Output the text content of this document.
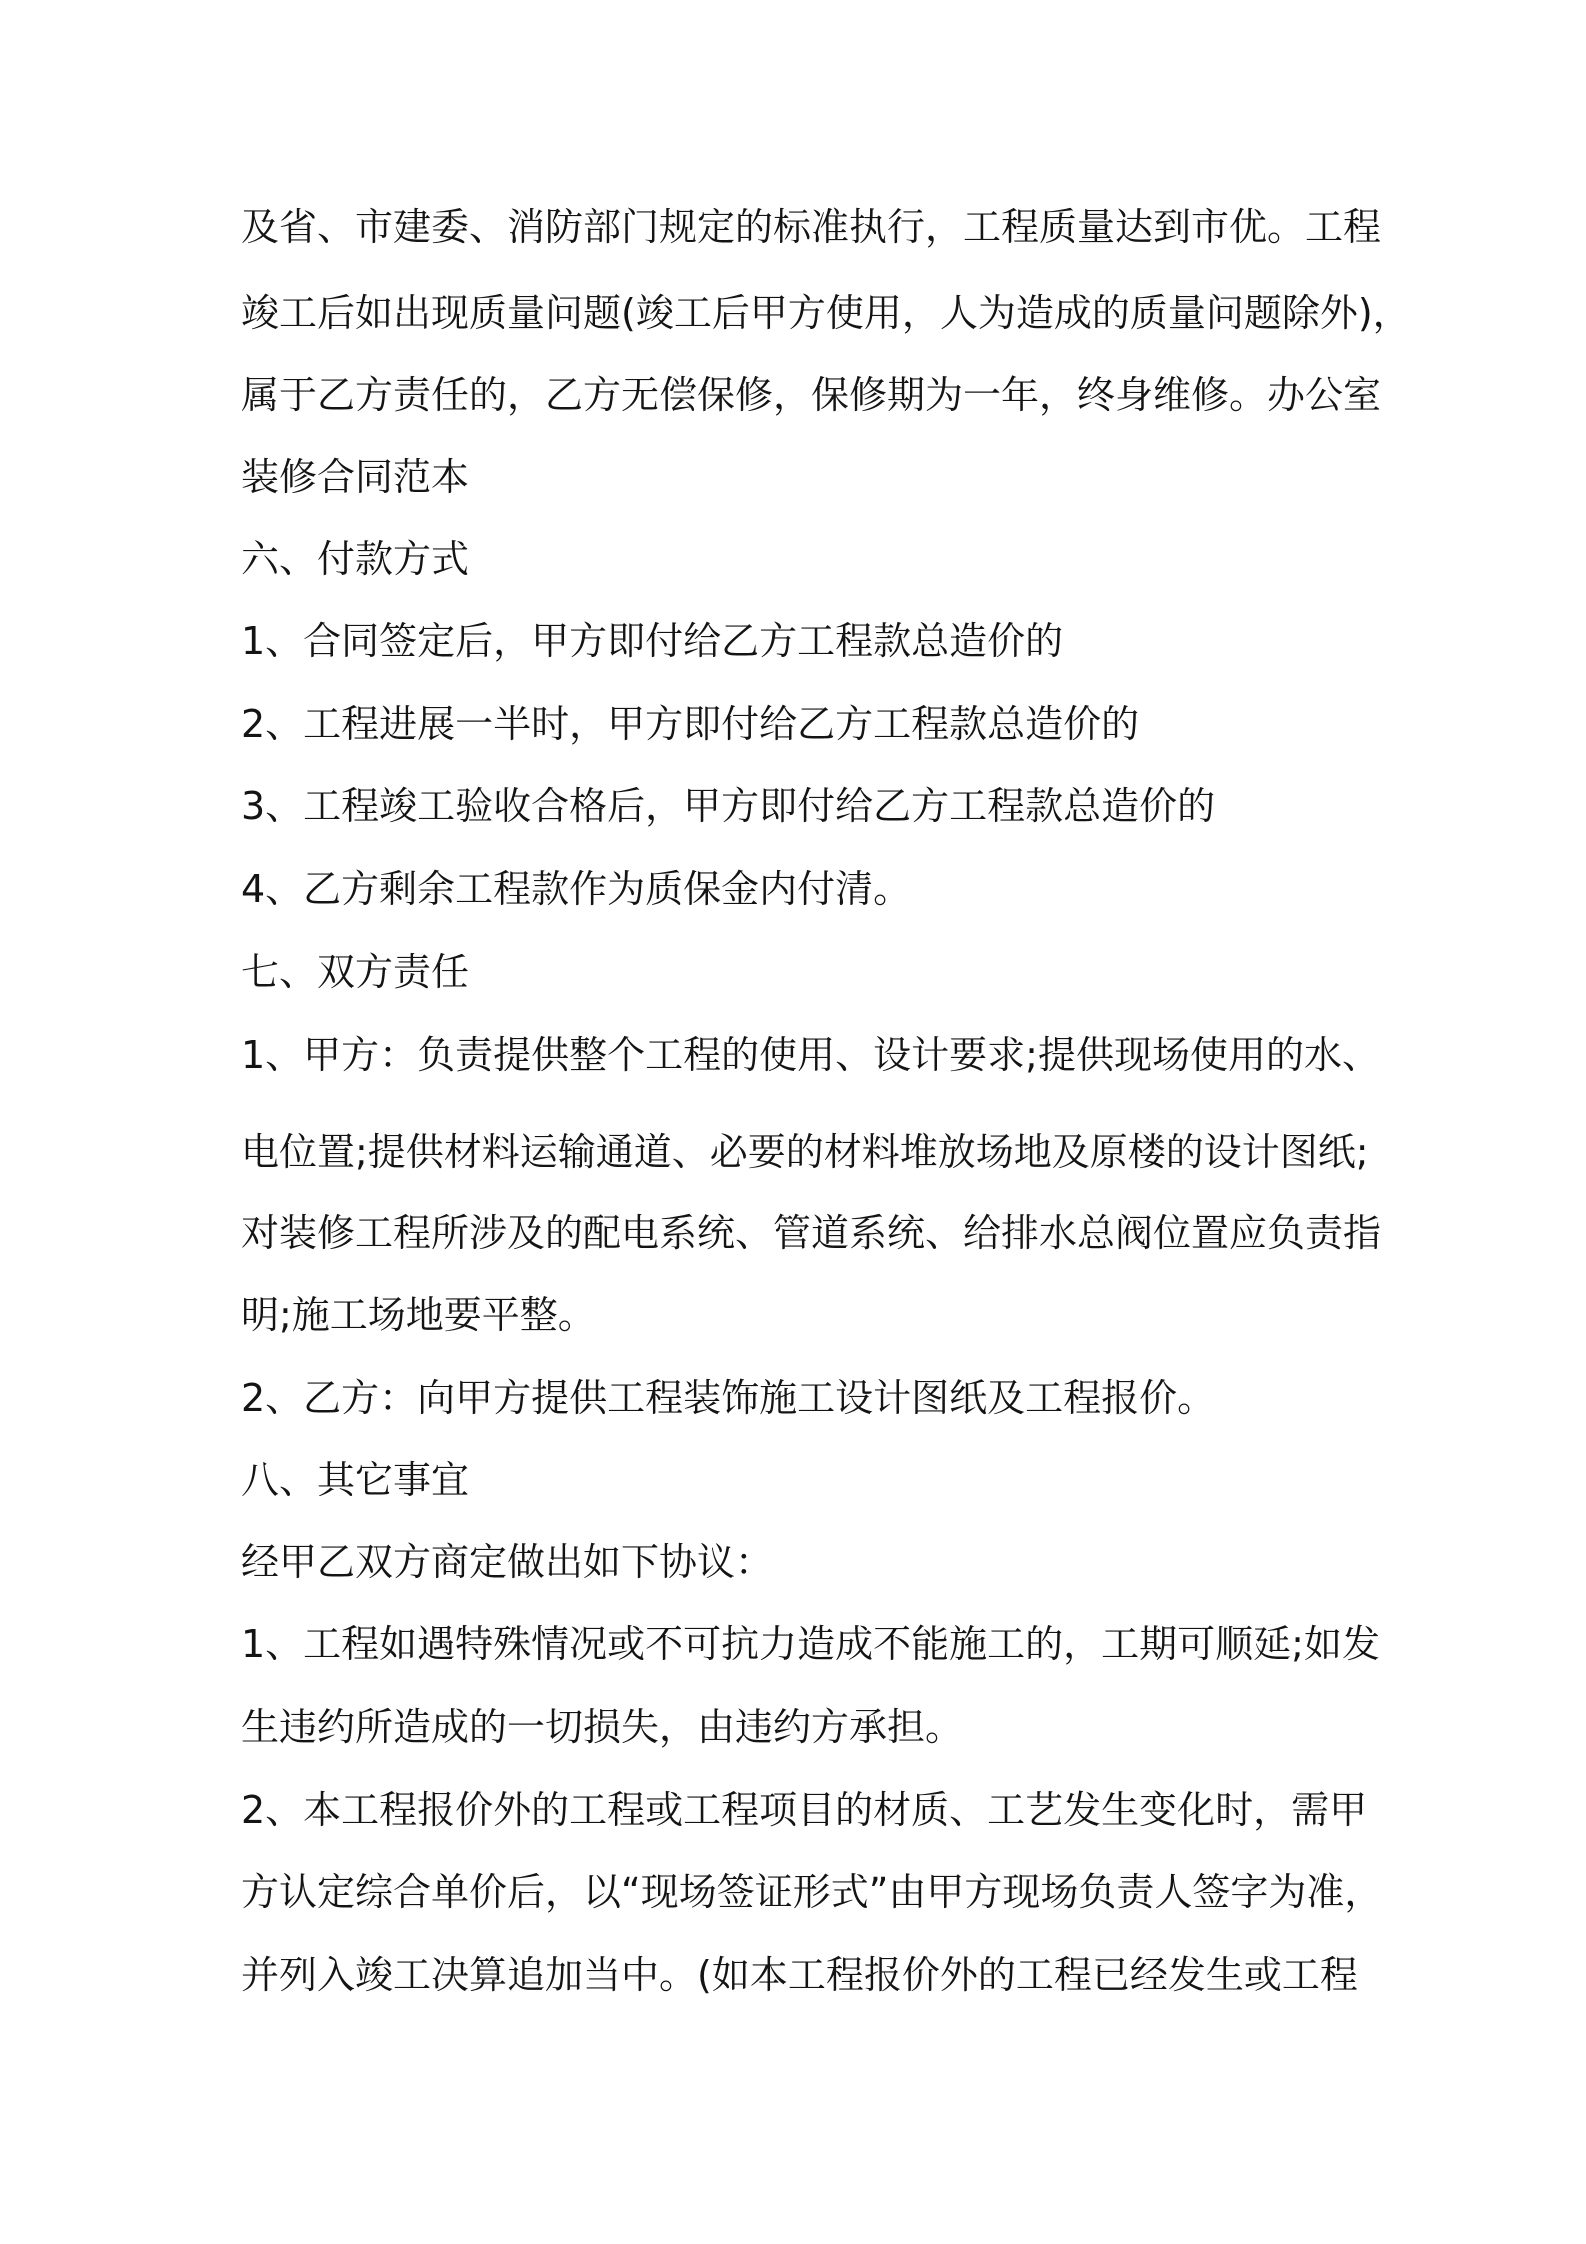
及省、市建委、消防部门规定的标准执行，工程质量达到市优。工程
竣工后如出现质量问题(竣工后甲方使用，人为造成的质量问题除外)，
属于乙方责任的，乙方无偿保修，保修期为一年，终身维修。办公室
装修合同范本
六、付款方式
1、合同签定后，甲方即付给乙方工程款总造价的
2、工程进展一半时，甲方即付给乙方工程款总造价的
3、工程竣工验收合格后，甲方即付给乙方工程款总造价的
4、乙方剩余工程款作为质保金内付清。
七、双方责任
1、甲方：负责提供整个工程的使用、设计要求;提供现场使用的水、
电位置;提供材料运输通道、必要的材料堆放场地及原楼的设计图纸;
对装修工程所涉及的配电系统、管道系统、给排水总阀位置应负责指
明;施工场地要平整。
2、乙方：向甲方提供工程装饰施工设计图纸及工程报价。
八、其它事宜
经甲乙双方商定做出如下协议：
1、工程如遇特殊情况或不可抗力造成不能施工的，工期可顺延;如发
生违约所造成的一切损失，由违约方承担。
2、本工程报价外的工程或工程项目的材质、工艺发生变化时，需甲
方认定综合单价后，以“现场签证形式”由甲方现场负责人签字为准，
并列入竣工决算追加当中。(如本工程报价外的工程已经发生或工程
